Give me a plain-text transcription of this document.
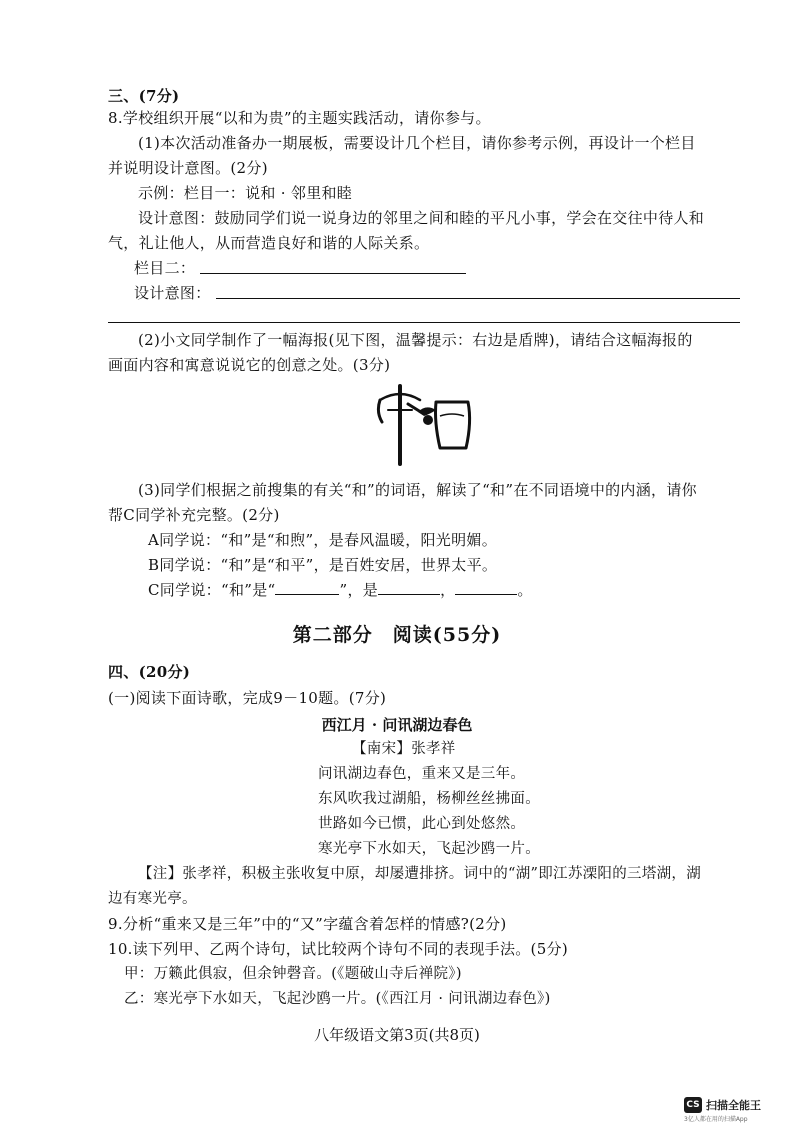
三、(7分)
8.学校组织开展“以和为贵”的主题实践活动，请你参与。
(1)本次活动准备办一期展板，需要设计几个栏目，请你参考示例，再设计一个栏目
并说明设计意图。(2分)
示例：栏目一：说和 · 邻里和睦
设计意图：鼓励同学们说一说身边的邻里之间和睦的平凡小事，学会在交往中待人和
气，礼让他人，从而营造良好和谐的人际关系。
栏目二：
设计意图：
(2)小文同学制作了一幅海报(见下图，温馨提示：右边是盾牌)，请结合这幅海报的
画面内容和寓意说说它的创意之处。(3分)
(3)同学们根据之前搜集的有关“和”的词语，解读了“和”在不同语境中的内涵，请你
帮C同学补充完整。(2分)
A同学说：“和”是“和煦”，是春风温暖，阳光明媚。
B同学说：“和”是“和平”，是百姓安居，世界太平。
C同学说：“和”是“	”，是	，	。
第二部分　阅读(55分)
四、(20分)
(一)阅读下面诗歌，完成9－10题。(7分)
西江月 · 问讯湖边春色
【南宋】张孝祥
问讯湖边春色，重来又是三年。
东风吹我过湖船，杨柳丝丝拂面。
世路如今已惯，此心到处悠然。
寒光亭下水如天，飞起沙鸥一片。
【注】张孝祥，积极主张收复中原，却屡遭排挤。词中的“湖”即江苏溧阳的三塔湖，湖
边有寒光亭。
9.分析“重来又是三年”中的“又”字蕴含着怎样的情感?(2分)
10.读下列甲、乙两个诗句，试比较两个诗句不同的表现手法。(5分)
甲：万籁此俱寂，但余钟磬音。(《题破山寺后禅院》)
乙：寒光亭下水如天，飞起沙鸥一片。(《西江月 · 问讯湖边春色》)
八年级语文第3页(共8页)
CS 扫描全能王
3亿人都在用的扫描App
